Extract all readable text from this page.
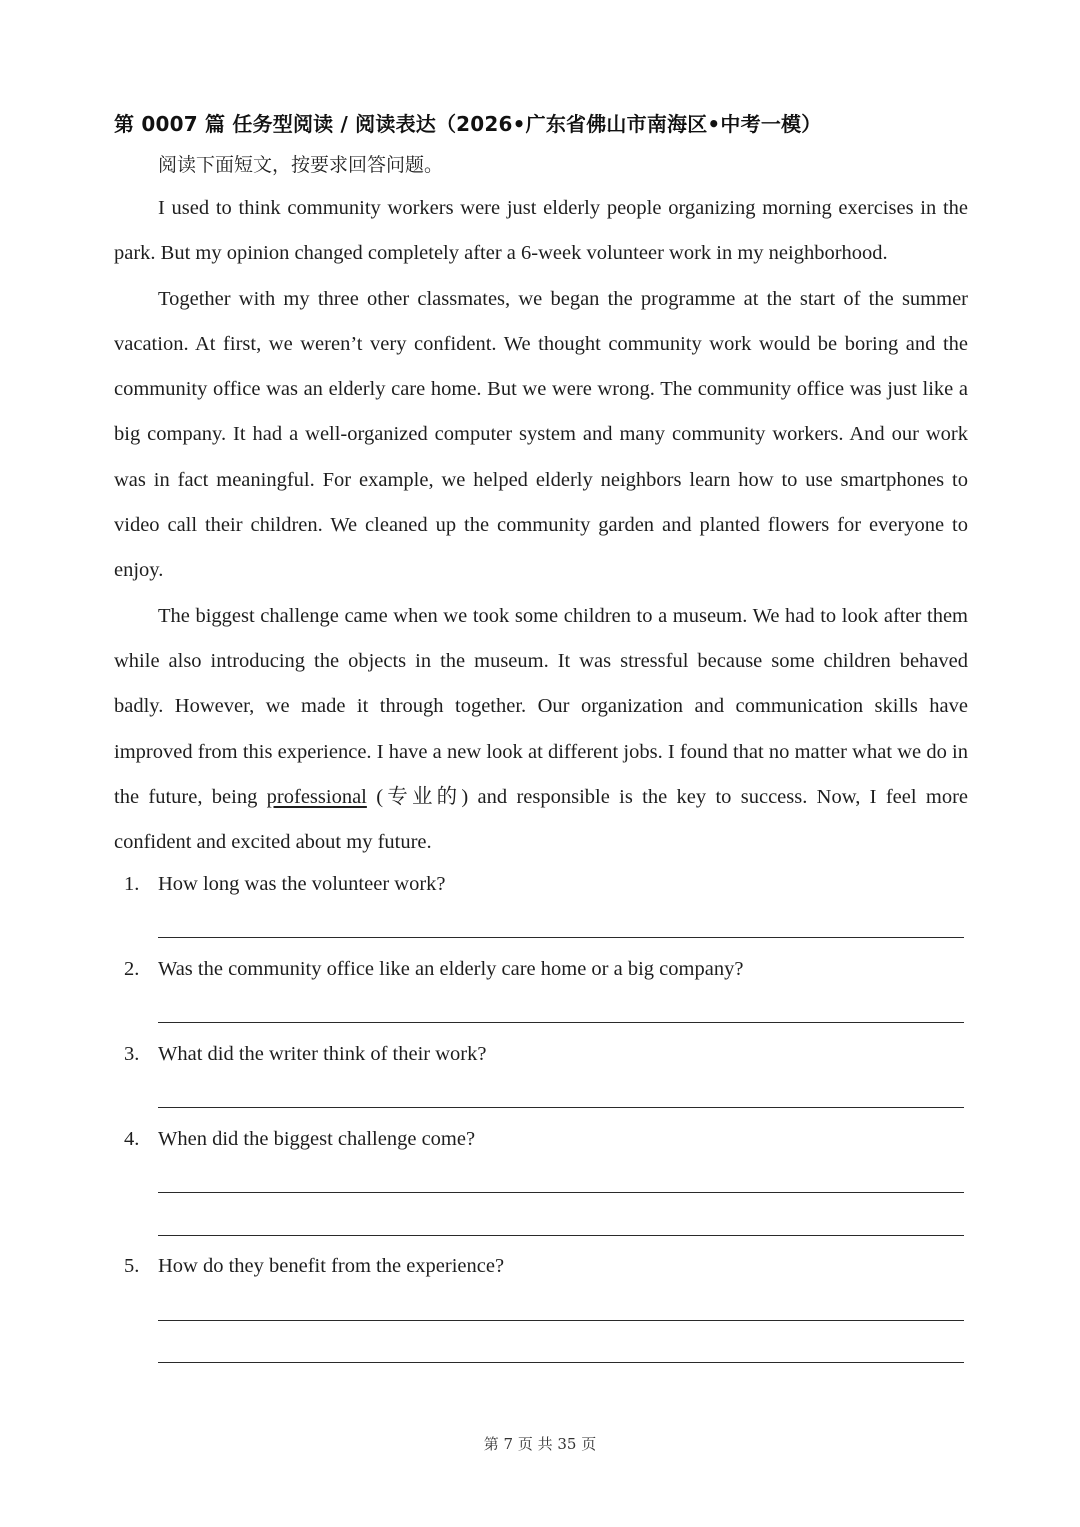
第 0007 篇 任务型阅读 / 阅读表达（2026•广东省佛山市南海区•中考一模）
阅读下面短文，按要求回答问题。

I used to think community workers were just elderly people organizing morning exercises in the park. But my opinion changed completely after a 6-week volunteer work in my neighborhood.

Together with my three other classmates, we began the programme at the start of the summer vacation. At first, we weren’t very confident. We thought community work would be boring and the community office was an elderly care home. But we were wrong. The community office was just like a big company. It had a well-organized computer system and many community workers. And our work was in fact meaningful. For example, we helped elderly neighbors learn how to use smartphones to video call their children. We cleaned up the community garden and planted flowers for everyone to enjoy.

The biggest challenge came when we took some children to a museum. We had to look after them while also introducing the objects in the museum. It was stressful because some children behaved badly. However, we made it through together. Our organization and communication skills have improved from this experience. I have a new look at different jobs. I found that no matter what we do in the future, being professional (专业的) and responsible is the key to success. Now, I feel more confident and excited about my future.

1. How long was the volunteer work?
2. Was the community office like an elderly care home or a big company?
3. What did the writer think of their work?
4. When did the biggest challenge come?
5. How do they benefit from the experience?
第 7 页 共 35 页
